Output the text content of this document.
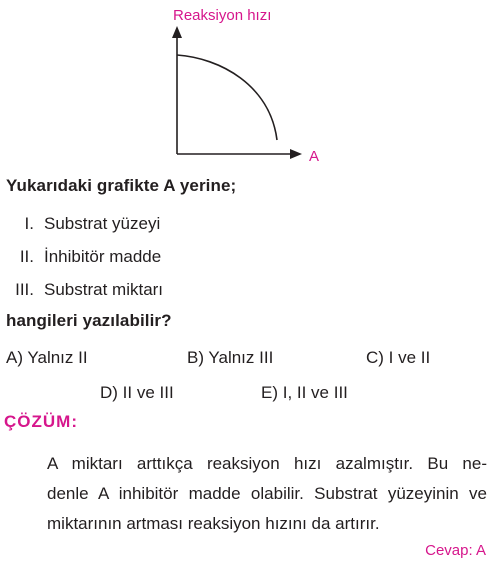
Reaksiyon hızı
A
Yukarıdaki grafikte A yerine;
I. Substrat yüzeyi
II. İnhibitör madde
III. Substrat miktarı
hangileri yazılabilir?
A) Yalnız II	B) Yalnız III	C) I ve II
D) II ve III	E) I, II ve III
ÇÖZÜM:
A miktarı arttıkça reaksiyon hızı azalmıştır. Bu ne-
denle A inhibitör madde olabilir. Substrat yüzeyinin ve
miktarının artması reaksiyon hızını da artırır.
Cevap: A
